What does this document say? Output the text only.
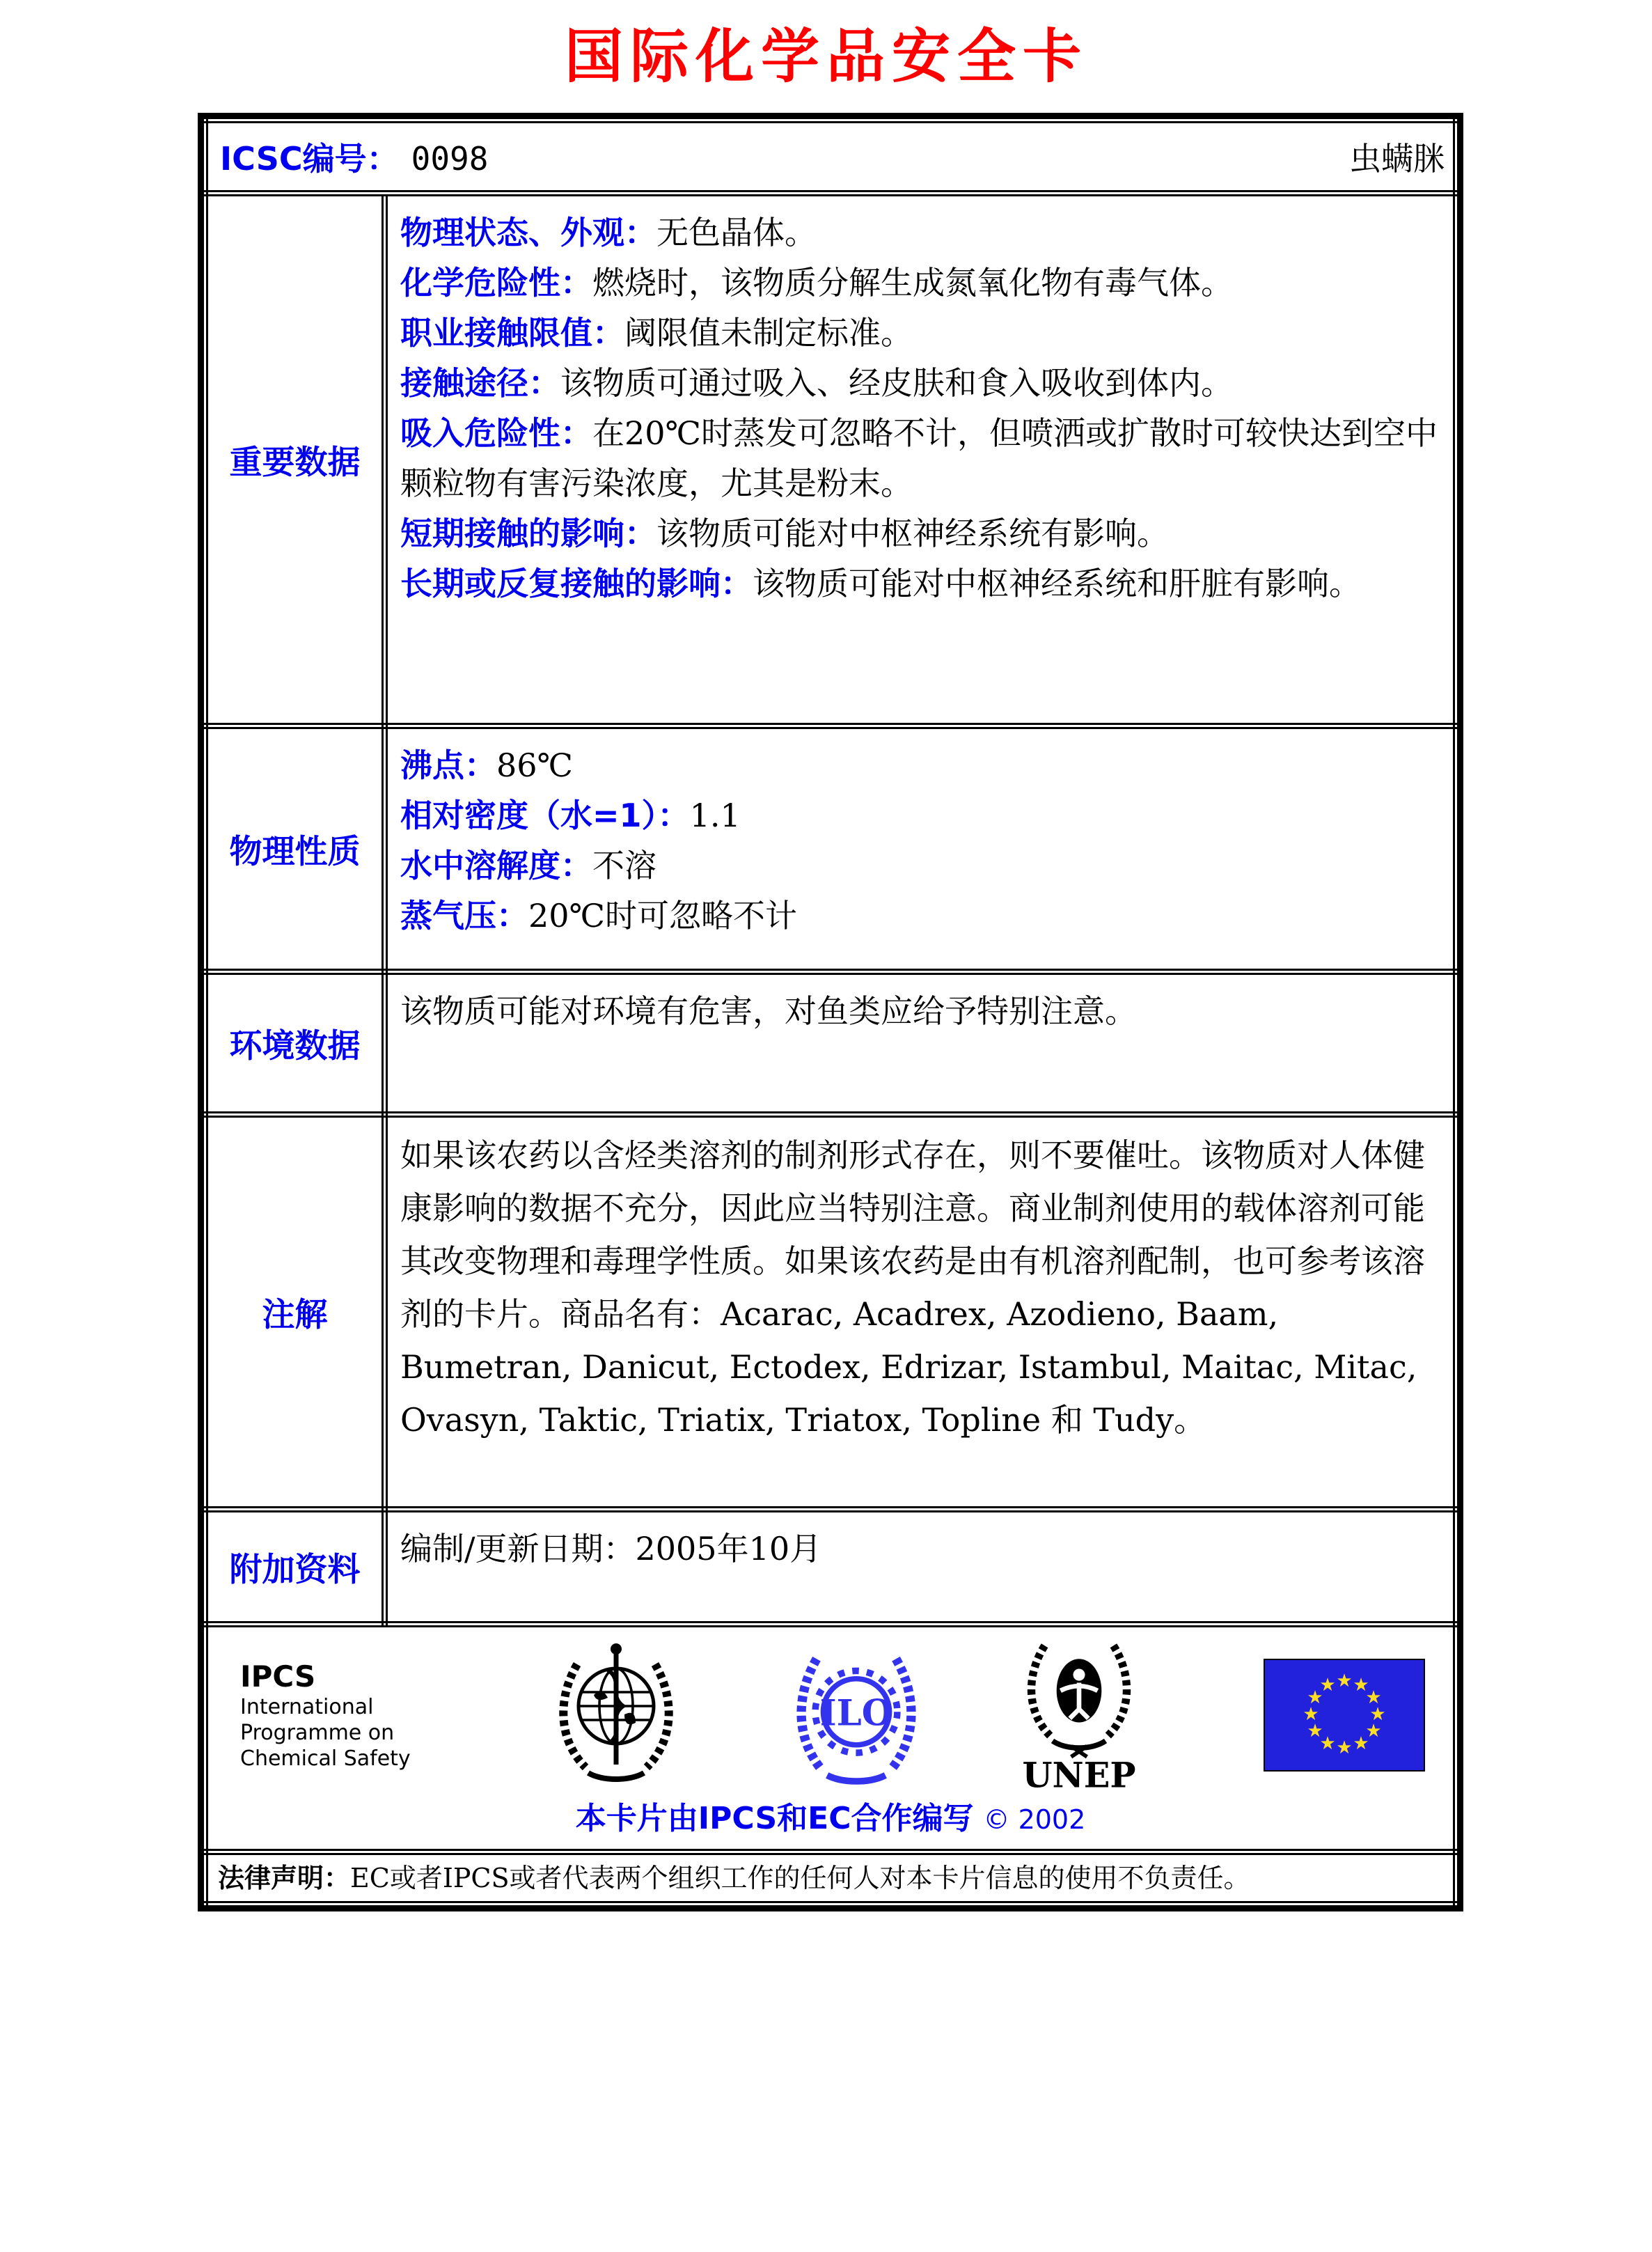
国际化学品安全卡
ICSC编号： 0098 虫螨脒	

重要数据	
物理状态、外观：无色晶体。
化学危险性：燃烧时，该物质分解生成氮氧化物有毒气体。
职业接触限值：阈限值未制定标准。
接触途径：该物质可通过吸入、经皮肤和食入吸收到体内。
吸入危险性：在20℃时蒸发可忽略不计，但喷洒或扩散时可较快达到空中颗粒物有害污染浓度，尤其是粉末。
短期接触的影响：该物质可能对中枢神经系统有影响。
长期或反复接触的影响：该物质可能对中枢神经系统和肝脏有影响。

物理性质	沸点：86℃
相对密度（水=1）：1.1
水中溶解度：不溶
蒸气压：20℃时可忽略不计

环境数据	该物质可能对环境有危害，对鱼类应给予特别注意。

注解	如果该农药以含烃类溶剂的制剂形式存在，则不要催吐。该物质对人体健康影响的数据不充分，因此应当特别注意。商业制剂使用的载体溶剂可能其改变物理和毒理学性质。如果该农药是由有机溶剂配制，也可参考该溶剂的卡片。商品名有：Acarac, Acadrex, Azodieno, Baam, Bumetran, Danicut, Ectodex, Edrizar, Istambul, Maitac, Mitac, Ovasyn, Taktic, Triatix, Triatox, Topline 和 Tudy。

附加资料	编制/更新日期：2005年10月

IPCS
International
Programme on
Chemical Safety
ILO
UNEP
★ ★
★
★
★
★
★
★
★
★
★
★
本卡片由IPCS和EC合作编写 © 2002

法律声明：EC或者IPCS或者代表两个组织工作的任何人对本卡片信息的使用不负责任。	
